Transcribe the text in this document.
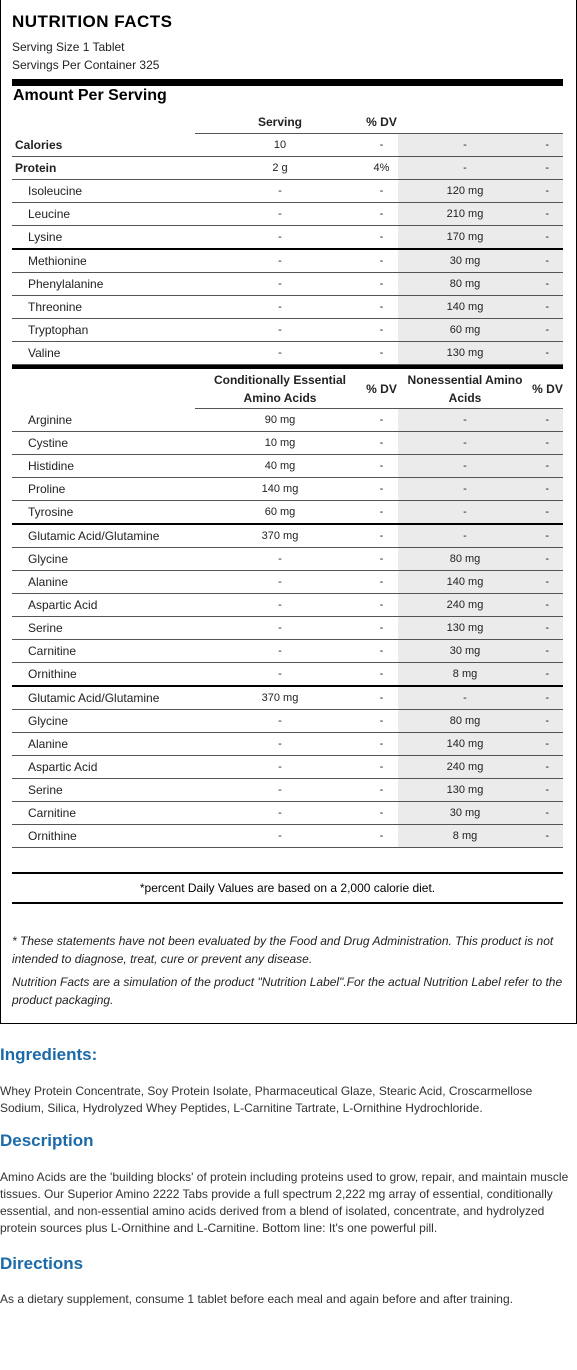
NUTRITION FACTS
Serving Size 1 Tablet
Servings Per Container 325
Amount Per Serving
	Serving	% DV		
Calories	10	-	-	-
Protein	2 g	4%	-	-
Isoleucine	-	-	120 mg	-
Leucine	-	-	210 mg	-
Lysine	-	-	170 mg	-
Methionine	-	-	30 mg	-
Phenylalanine	-	-	80 mg	-
Threonine	-	-	140 mg	-
Tryptophan	-	-	60 mg	-
Valine	-	-	130 mg	-
	Conditionally Essential Amino Acids	% DV	Nonessential Amino Acids	% DV
Arginine	90 mg	-	-	-
Cystine	10 mg	-	-	-
Histidine	40 mg	-	-	-
Proline	140 mg	-	-	-
Tyrosine	60 mg	-	-	-
Glutamic Acid/Glutamine	370 mg	-	-	-
Glycine	-	-	80 mg	-
Alanine	-	-	140 mg	-
Aspartic Acid	-	-	240 mg	-
Serine	-	-	130 mg	-
Carnitine	-	-	30 mg	-
Ornithine	-	-	8 mg	-
Glutamic Acid/Glutamine	370 mg	-	-	-
Glycine	-	-	80 mg	-
Alanine	-	-	140 mg	-
Aspartic Acid	-	-	240 mg	-
Serine	-	-	130 mg	-
Carnitine	-	-	30 mg	-
Ornithine	-	-	8 mg	-
*percent Daily Values are based on a 2,000 calorie diet.
* These statements have not been evaluated by the Food and Drug Administration. This product is not intended to diagnose, treat, cure or prevent any disease.
Nutrition Facts are a simulation of the product "Nutrition Label".For the actual Nutrition Label refer to the product packaging.
Ingredients:
Whey Protein Concentrate, Soy Protein Isolate, Pharmaceutical Glaze, Stearic Acid, Croscarmellose Sodium, Silica, Hydrolyzed Whey Peptides, L-Carnitine Tartrate, L-Ornithine Hydrochloride.
Description
Amino Acids are the 'building blocks' of protein including proteins used to grow, repair, and maintain muscle tissues. Our Superior Amino 2222 Tabs provide a full spectrum 2,222 mg array of essential, conditionally essential, and non-essential amino acids derived from a blend of isolated, concentrate, and hydrolyzed protein sources plus L-Ornithine and L-Carnitine. Bottom line: It's one powerful pill.
Directions
As a dietary supplement, consume 1 tablet before each meal and again before and after training.
